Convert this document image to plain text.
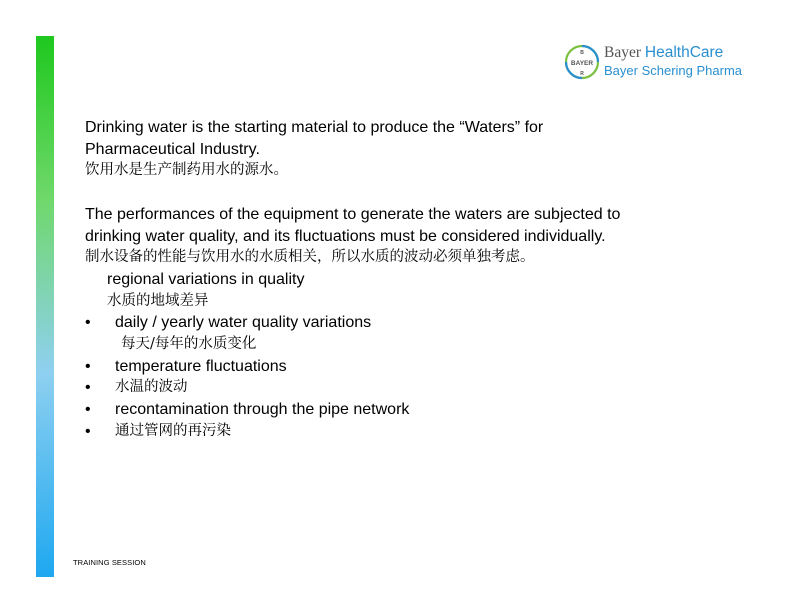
BAYER
B
R
Bayer HealthCare
Bayer Schering Pharma

Drinking water is the starting material to produce the “Waters” for

Pharmaceutical Industry.

饮用水是生产制药用水的源水。

The performances of the equipment to generate the waters are subjected to

drinking water quality, and its fluctuations must be considered individually.

制水设备的性能与饮用水的水质相关，所以水质的波动必须单独考虑。

regional variations in quality

水质的地域差异

• daily / yearly water quality variations

每天/每年的水质变化

• temperature fluctuations

• 水温的波动

• recontamination through the pipe network

• 通过管网的再污染

TRAINING SESSION
